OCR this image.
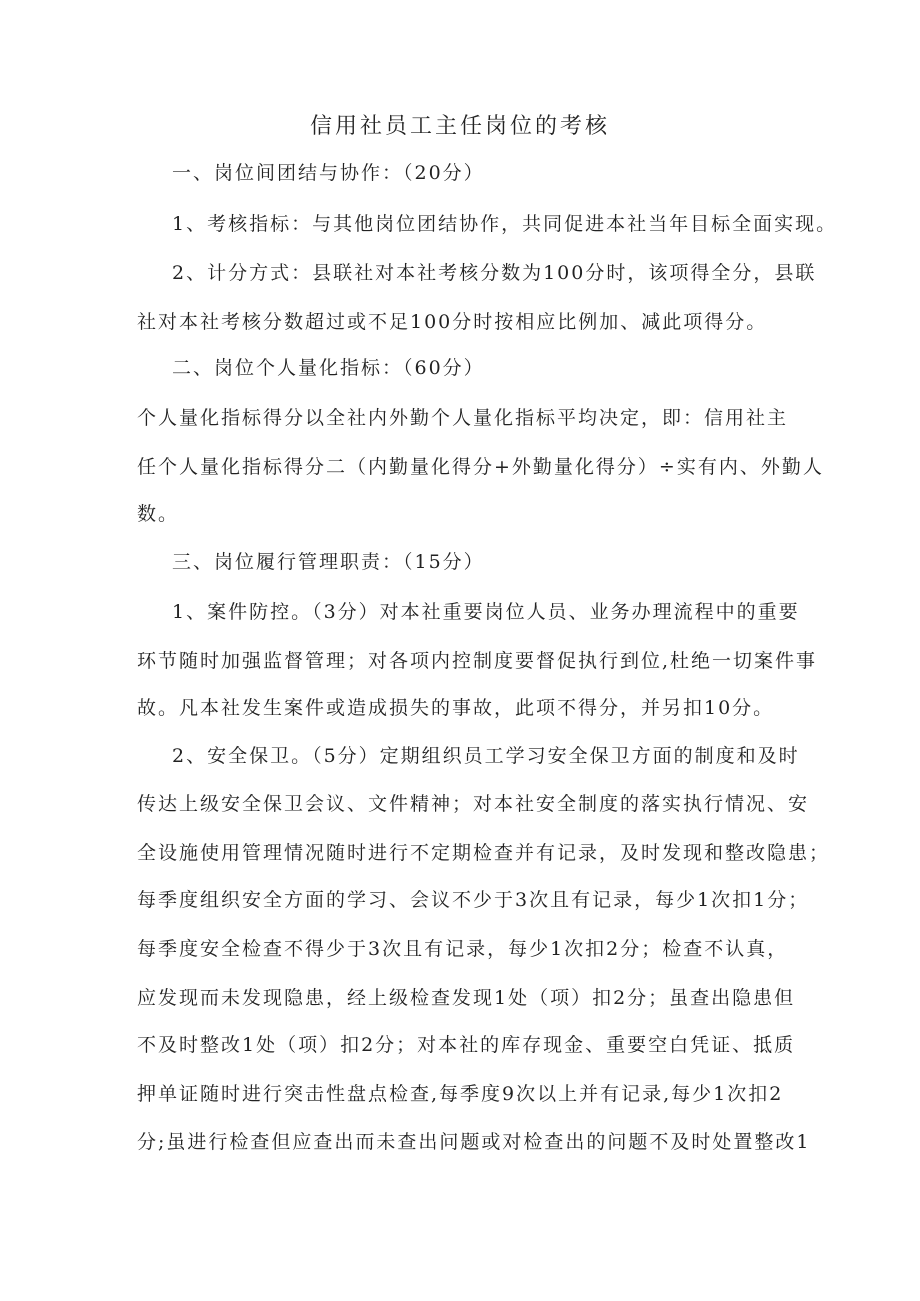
信用社员工主任岗位的考核
一、岗位间团结与协作：（20分）
1、考核指标：与其他岗位团结协作，共同促进本社当年目标全面实现。
2、计分方式：县联社对本社考核分数为100分时，该项得全分，县联
社对本社考核分数超过或不足100分时按相应比例加、减此项得分。
二、岗位个人量化指标：（60分）
个人量化指标得分以全社内外勤个人量化指标平均决定，即：信用社主
任个人量化指标得分二（内勤量化得分+外勤量化得分）÷实有内、外勤人
数。
三、岗位履行管理职责：（15分）
1、案件防控。（3分）对本社重要岗位人员、业务办理流程中的重要
环节随时加强监督管理；对各项内控制度要督促执行到位,杜绝一切案件事
故。凡本社发生案件或造成损失的事故，此项不得分，并另扣10分。
2、安全保卫。（5分）定期组织员工学习安全保卫方面的制度和及时
传达上级安全保卫会议、文件精神；对本社安全制度的落实执行情况、安
全设施使用管理情况随时进行不定期检查并有记录，及时发现和整改隐患；
每季度组织安全方面的学习、会议不少于3次且有记录，每少1次扣1分；
每季度安全检查不得少于3次且有记录，每少1次扣2分；检查不认真，
应发现而未发现隐患，经上级检查发现1处（项）扣2分；虽查出隐患但
不及时整改1处（项）扣2分；对本社的库存现金、重要空白凭证、抵质
押单证随时进行突击性盘点检查,每季度9次以上并有记录,每少1次扣2
分;虽进行检查但应查出而未查出问题或对检查出的问题不及时处置整改1
